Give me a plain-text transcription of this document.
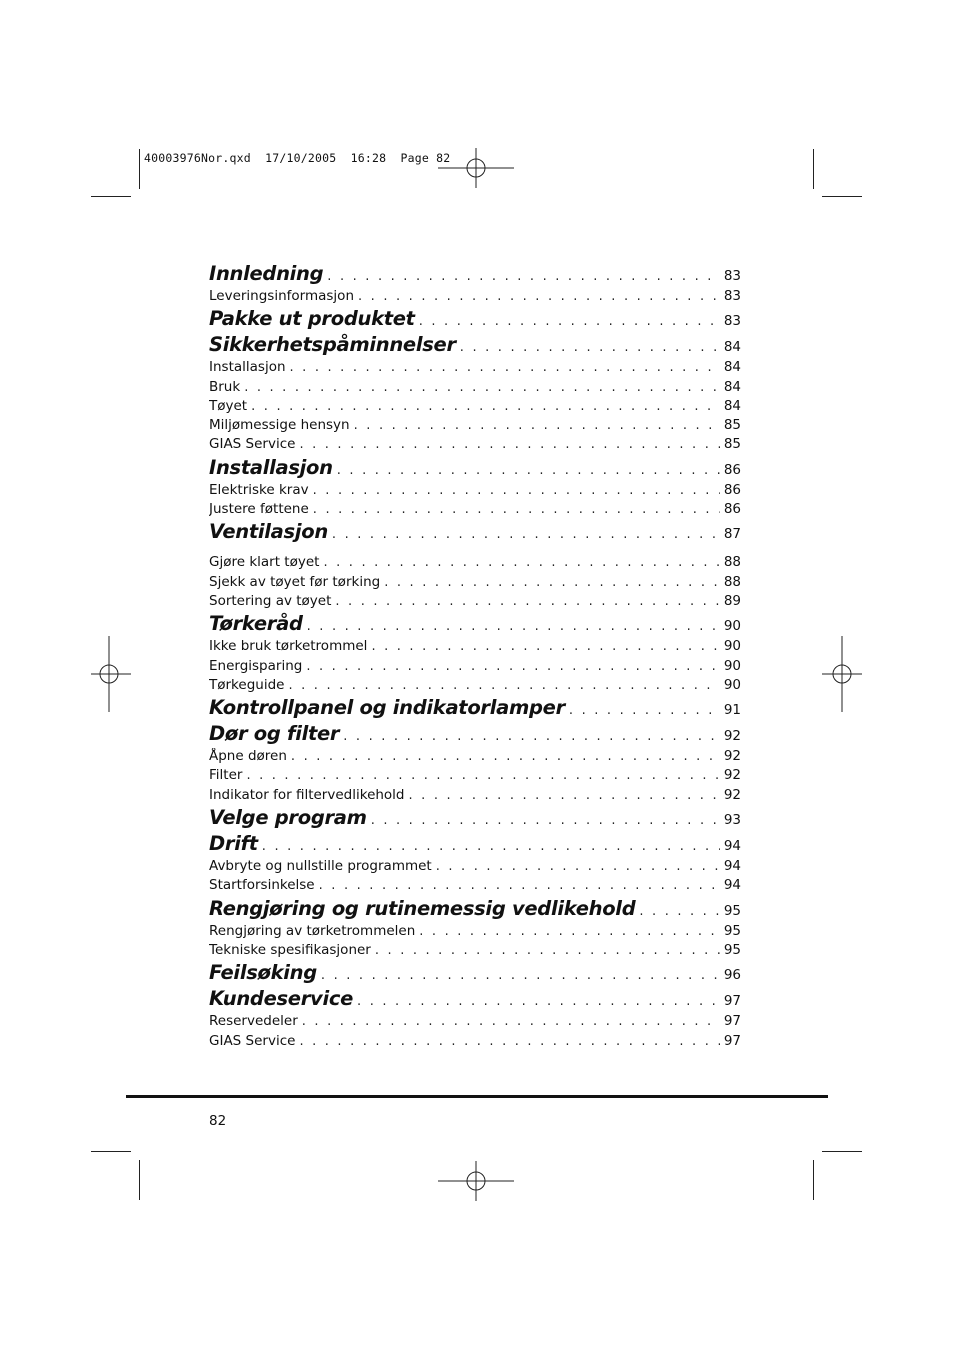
40003976Nor.qxd  17/10/2005  16:28  Page 82
Innledning . . .	83
Leveringsinformasjon . . .	83
Pakke ut produktet . . .	83
Sikkerhetspåminnelser . . .	84
Installasjon . . .	84
Bruk . . .	84
Tøyet . . .	84
Miljømessige hensyn . . .	85
GIAS Service . . .	85
Installasjon . . .	86
Elektriske krav . . .	86
Justere føttene . . .	86
Ventilasjon . . .	87
Gjøre klart tøyet . . .	88
Sjekk av tøyet før tørking . . .	88
Sortering av tøyet . . .	89
Tørkeråd . . .	90
Ikke bruk tørketrommel . . .	90
Energisparing . . .	90
Tørkeguide . . .	90
Kontrollpanel og indikatorlamper . . .	91
Dør og filter . . .	92
Åpne døren . . .	92
Filter . . .	92
Indikator for filtervedlikehold . . .	92
Velge program . . .	93
Drift . . .	94
Avbryte og nullstille programmet . . .	94
Startforsinkelse . . .	94
Rengjøring og rutinemessig vedlikehold . . .	95
Rengjøring av tørketrommelen . . .	95
Tekniske spesifikasjoner . . .	95
Feilsøking . . .	96
Kundeservice . . .	97
Reservedeler . . .	97
GIAS Service . . .	97
82
